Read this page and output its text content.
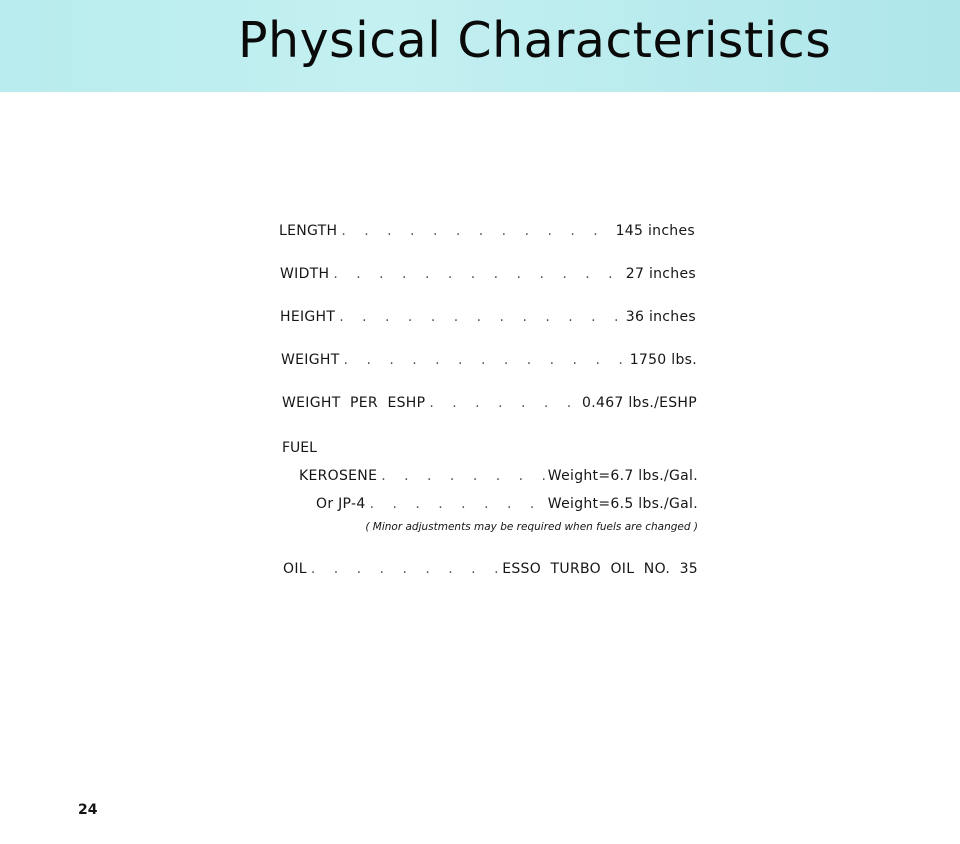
Physical Characteristics
LENGTH . . .	145 inches
WIDTH . . .	27 inches
HEIGHT . . .	36 inches
WEIGHT . . .	1750 lbs.
WEIGHT  PER  ESHP . . .	0.467 lbs./ESHP
FUEL
KEROSENE . . .	Weight=6.7 lbs./Gal.
Or JP-4 . . .	Weight=6.5 lbs./Gal.
( Minor adjustments may be required when fuels are changed )
OIL . . .	ESSO  TURBO  OIL  NO.  35
24
